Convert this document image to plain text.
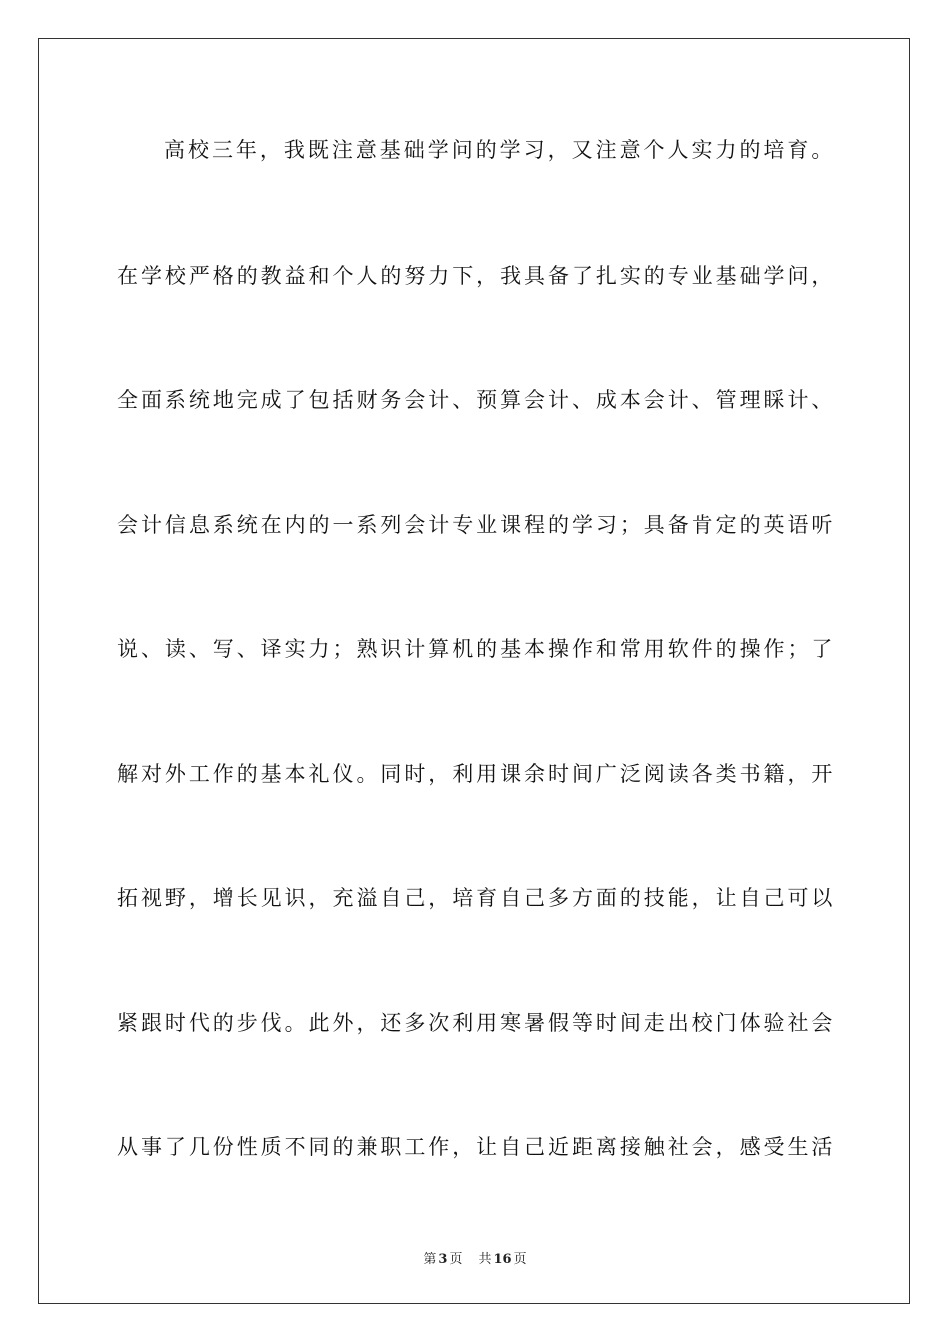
高校三年，我既注意基础学问的学习，又注意个人实力的培育。
在学校严格的教益和个人的努力下，我具备了扎实的专业基础学问，
全面系统地完成了包括财务会计、预算会计、成本会计、管理睬计、
会计信息系统在内的一系列会计专业课程的学习；具备肯定的英语听
说、读、写、译实力；熟识计算机的基本操作和常用软件的操作；了
解对外工作的基本礼仪。同时，利用课余时间广泛阅读各类书籍，开
拓视野，增长见识，充溢自己，培育自己多方面的技能，让自己可以
紧跟时代的步伐。此外，还多次利用寒暑假等时间走出校门体验社会
从事了几份性质不同的兼职工作，让自己近距离接触社会，感受生活
第 3 页 共 16 页
